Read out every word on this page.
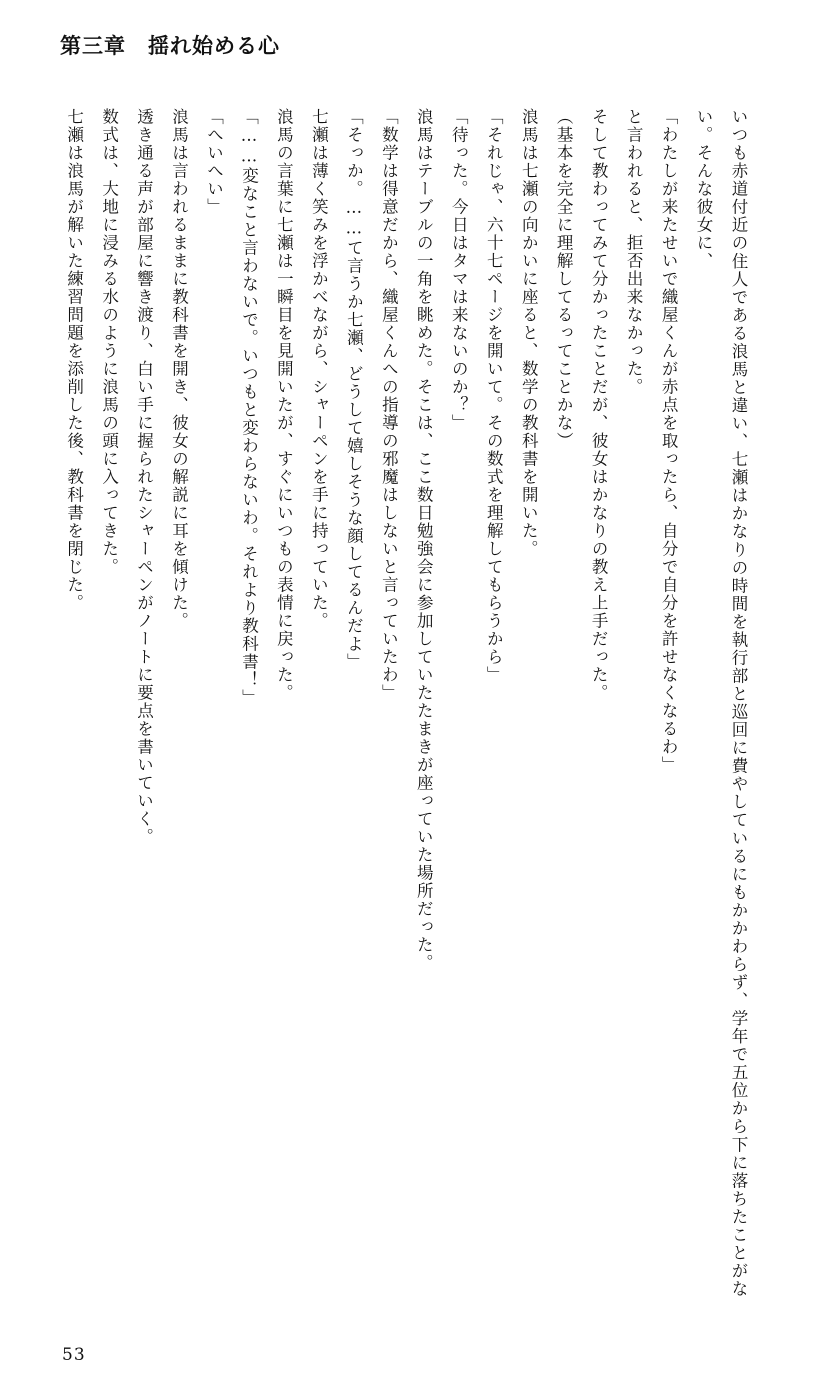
第三章 揺れ始める心

いつも赤道付近の住人である浪馬と違い、七瀬はかなりの時間を執行部と巡回に費やしているにもかかわらず、学年で五位から下に落ちたことがない。そんな彼女に、

「わたしが来たせいで織屋くんが赤点を取ったら、自分で自分を許せなくなるわ」

と言われると、拒否出来なかった。

そして教わってみて分かったことだが、彼女はかなりの教え上手だった。

（基本を完全に理解してるってことかな）

浪馬は七瀬の向かいに座ると、数学の教科書を開いた。

「それじゃ、六十七ページを開いて。その数式を理解してもらうから」

「待った。今日はタマは来ないのか？」

浪馬はテーブルの一角を眺めた。そこは、ここ数日勉強会に参加していたたまきが座っていた場所だった。

「数学は得意だから、織屋くんへの指導の邪魔はしないと言っていたわ」

「そっか。……て言うか七瀬、どうして嬉しそうな顔してるんだよ」

七瀬は薄く笑みを浮かべながら、シャーペンを手に持っていた。

浪馬の言葉に七瀬は一瞬目を見開いたが、すぐにいつもの表情に戻った。

「……変なこと言わないで。いつもと変わらないわ。それより教科書！」

「へいへい」

浪馬は言われるままに教科書を開き、彼女の解説に耳を傾けた。

透き通る声が部屋に響き渡り、白い手に握られたシャーペンがノートに要点を書いていく。

数式は、大地に浸みる水のように浪馬の頭に入ってきた。

七瀬は浪馬が解いた練習問題を添削した後、教科書を閉じた。

53
